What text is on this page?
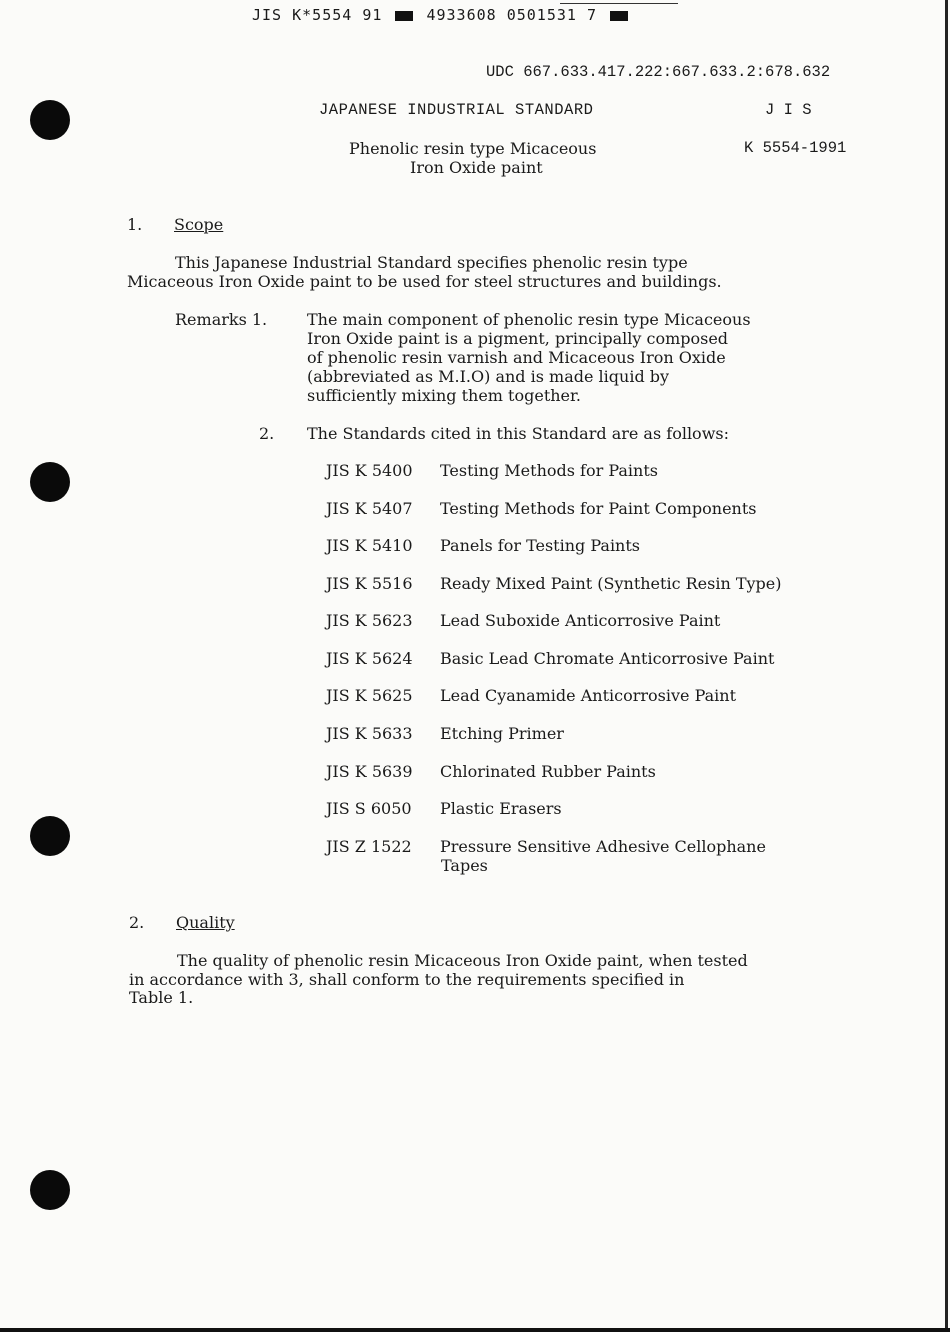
JIS K*5554 91	4933608 0501531 7
UDC 667.633.417.222:667.633.2:678.632
JAPANESE INDUSTRIAL STANDARD	J I S
Phenolic resin type Micaceous
Iron Oxide paint
K 5554-1991
1. Scope
This Japanese Industrial Standard specifies phenolic resin type
Micaceous Iron Oxide paint to be used for steel structures and buildings.
Remarks 1. The main component of phenolic resin type Micaceous
Iron Oxide paint is a pigment, principally composed
of phenolic resin varnish and Micaceous Iron Oxide
(abbreviated as M.I.O) and is made liquid by
sufficiently mixing them together.
2. The Standards cited in this Standard are as follows:
JIS K 5400 Testing Methods for Paints
JIS K 5407 Testing Methods for Paint Components
JIS K 5410 Panels for Testing Paints
JIS K 5516 Ready Mixed Paint (Synthetic Resin Type)
JIS K 5623 Lead Suboxide Anticorrosive Paint
JIS K 5624 Basic Lead Chromate Anticorrosive Paint
JIS K 5625 Lead Cyanamide Anticorrosive Paint
JIS K 5633 Etching Primer
JIS K 5639 Chlorinated Rubber Paints
JIS S 6050 Plastic Erasers
JIS Z 1522 Pressure Sensitive Adhesive Cellophane
Tapes
2. Quality
The quality of phenolic resin Micaceous Iron Oxide paint, when tested
in accordance with 3, shall conform to the requirements specified in
Table 1.
